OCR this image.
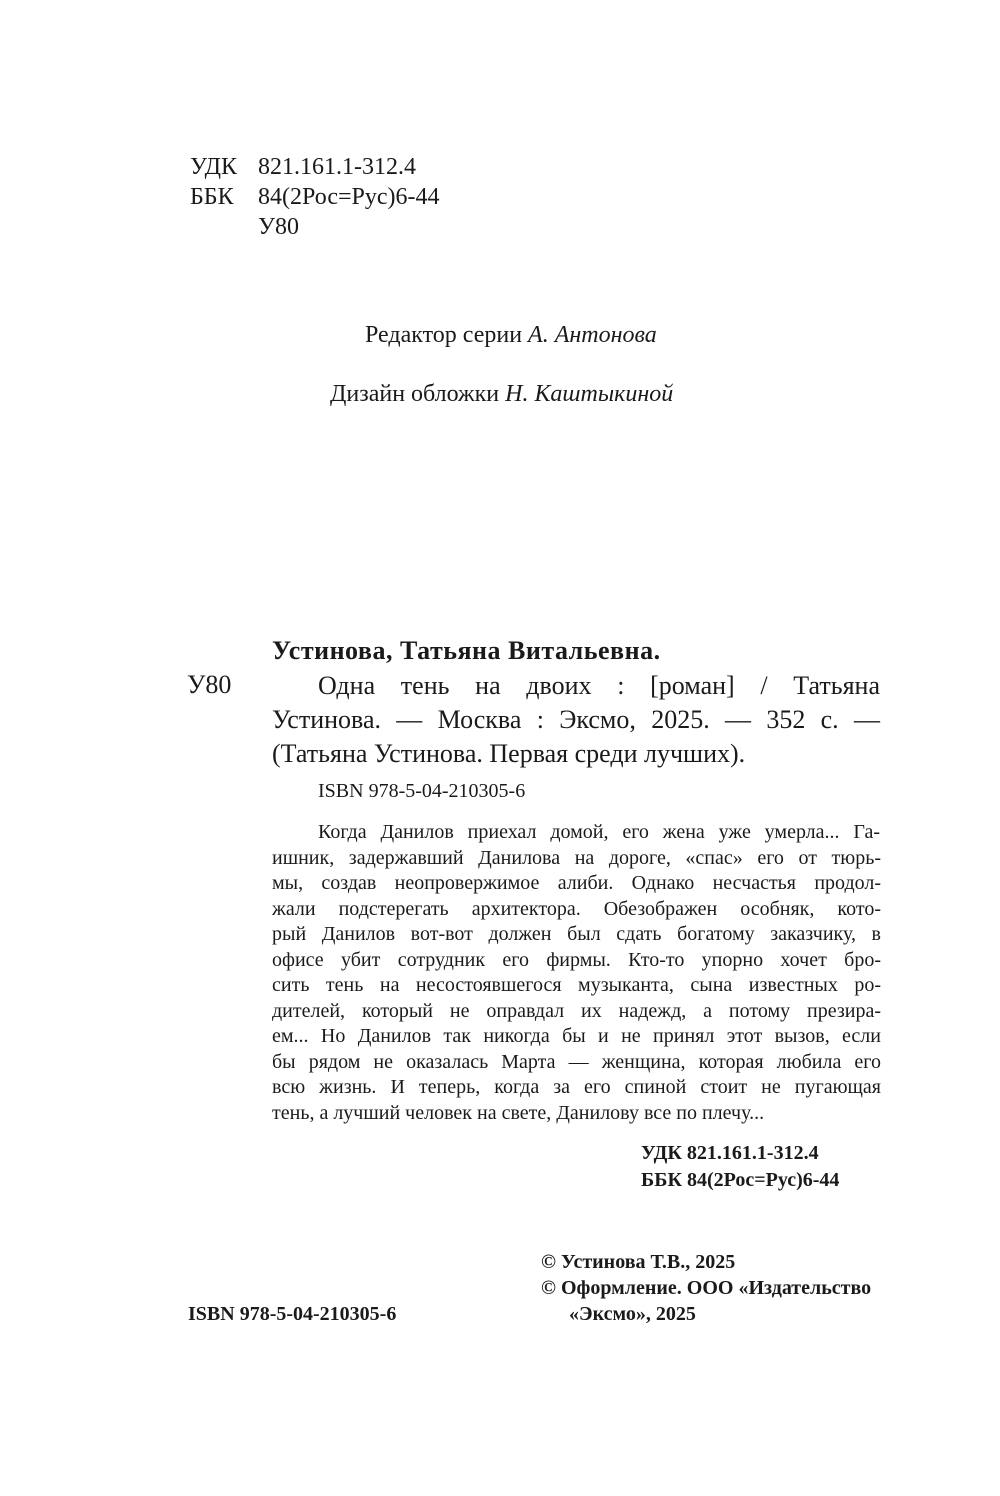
УДК 821.161.1-312.4
ББК 84(2Рос=Рус)6-44
У80
Редактор серии А. Антонова
Дизайн обложки Н. Каштыкиной
Устинова, Татьяна Витальевна.
У80	Одна тень на двоих : [роман] / Татьяна
Устинова. — Москва : Эксмо, 2025. — 352 с. —
(Татьяна Устинова. Первая среди лучших).
ISBN 978-5-04-210305-6
Когда Данилов приехал домой, его жена уже умерла... Га-
ишник, задержавший Данилова на дороге, «спас» его от тюрь-
мы, создав неопровержимое алиби. Однако несчастья продол-
жали подстерегать архитектора. Обезображен особняк, кото-
рый Данилов вот-вот должен был сдать богатому заказчику, в
офисе убит сотрудник его фирмы. Кто-то упорно хочет бро-
сить тень на несостоявшегося музыканта, сына известных ро-
дителей, который не оправдал их надежд, а потому презира-
ем... Но Данилов так никогда бы и не принял этот вызов, если
бы рядом не оказалась Марта — женщина, которая любила его
всю жизнь. И теперь, когда за его спиной стоит не пугающая
тень, а лучший человек на свете, Данилову все по плечу...
УДК 821.161.1-312.4
ББК 84(2Рос=Рус)6-44
© Устинова Т.В., 2025
© Оформление. ООО «Издательство
«Эксмо», 2025
ISBN 978-5-04-210305-6
